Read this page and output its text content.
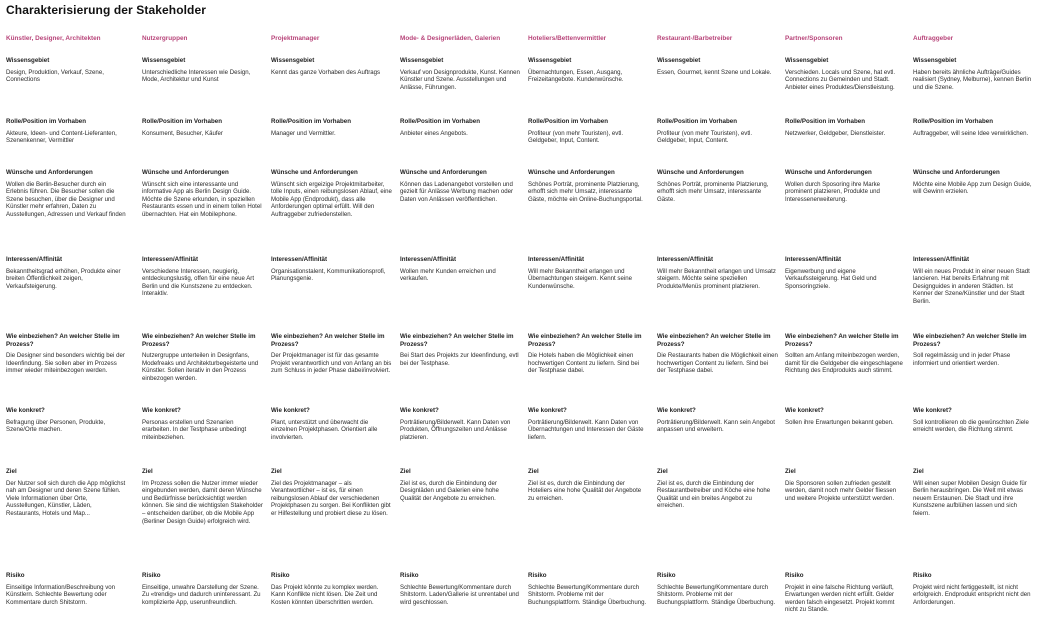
Charakterisierung der Stakeholder
Künstler, Designer, Architekten
Wissensgebiet
Design, Produktion, Verkauf, Szene, Connections
Rolle/Position im Vorhaben
Akteure, Ideen- und Content-Lieferanten, Szenenkenner, Vermittler
Wünsche und Anforderungen
Wollen die Berlin-Besucher durch ein Erlebnis führen. Die Besucher sollen die Szene besuchen, über die Designer und Künstler mehr erfahren, Daten zu Ausstellungen, Adressen und Verkauf finden
Interessen/Affinität
Bekanntheitsgrad erhöhen, Produkte einer breiten Öffentlichkeit zeigen, Verkaufsteigerung.
Wie einbeziehen? An welcher Stelle im Prozess?
Die Designer sind besonders wichtig bei der Ideenfindung. Sie sollen aber im Prozess immer wieder miteinbezogen werden.
Wie konkret?
Befragung über Personen, Produkte, Szene/Orte machen.
Ziel
Der Nutzer soll sich durch die App möglichst nah am Designer und deren Szene fühlen. Viele Informationen über Orte, Ausstellungen, Künstler, Läden, Restaurants, Hotels und Map...
Risiko
Einseitige Information/Beschreibung von Künstlern. Schlechte Bewertung oder Kommentare durch Shitstorm.
Nutzergruppen
Wissensgebiet
Unterschiedliche Interessen wie Design, Mode, Architektur und Kunst
Rolle/Position im Vorhaben
Konsument, Besucher, Käufer
Wünsche und Anforderungen
Wünscht sich eine interessante und informative App als Berlin Design Guide. Möchte die Szene erkunden, in speziellen Restaurants essen und in einem tollen Hotel übernachten. Hat ein Mobilephone.
Interessen/Affinität
Verschiedene Interessen, neugierig, entdeckungslustig, offen für eine neue Art Berlin und die Kunstszene zu entdecken. Interaktiv.
Wie einbeziehen? An welcher Stelle im Prozess?
Nutzergruppe unterteilen in Designfans, Modefreaks und Architekturbegeisterte und Künstler. Sollen iterativ in den Prozess einbezogen werden.
Wie konkret?
Personas erstellen und Szenarien erarbeiten. In der Testphase unbedingt miteinbeziehen.
Ziel
Im Prozess sollen die Nutzer immer wieder eingebunden werden, damit deren Wünsche und Bedürfnisse berücksichtigt werden können. Sie sind die wichtigsten Stakeholder – entscheiden darüber, ob die Mobile App (Berliner Design Guide) erfolgreich wird.
Risiko
Einseitige, unwahre Darstellung der Szene. Zu «trendig» und dadurch uninteressant. Zu komplizierte App, userunfreundlich.
Projektmanager
Wissensgebiet
Kennt das ganze Vorhaben des Auftrags
Rolle/Position im Vorhaben
Manager und Vermittler.
Wünsche und Anforderungen
Wünscht sich ergeizige Projektmitarbeiter, tolle Inputs, einen reibungslosen Ablauf, eine Mobile App (Endprodukt), dass alle Anforderungen optimal erfüllt. Will den Auftraggeber zufriedenstellen.
Interessen/Affinität
Organisationstalent, Kommunikationsprofi, Planungsgenie.
Wie einbeziehen? An welcher Stelle im Prozess?
Der Projektmanager ist für das gesamte Projekt verantwortlich und von Anfang an bis zum Schluss in jeder Phase dabei/involviert.
Wie konkret?
Plant, unterstützt und überwacht die einzelnen Projektphasen. Orientiert alle involvierten.
Ziel
Ziel des Projektmanager – als Verantwortlicher – ist es, für einen reibungslosen Ablauf der verschiedenen Projektphasen zu sorgen. Bei Konflikten gibt er Hilfestellung und probiert diese zu lösen.
Risiko
Das Projekt könnte zu komplex werden. Kann Konflikte nicht lösen. Die Zeit und Kosten könnten überschritten werden.
Mode- & Designerläden, Galerien
Wissensgebiet
Verkauf von Designprodukte, Kunst. Kennen Künstler und Szene. Ausstellungen und Anlässe, Führungen.
Rolle/Position im Vorhaben
Anbieter eines Angebots.
Wünsche und Anforderungen
Können das Ladenangebot vorstellen und gezielt für Anlässe Werbung machen oder Daten von Anlässen veröffentlichen.
Interessen/Affinität
Wollen mehr Kunden erreichen und verkaufen.
Wie einbeziehen? An welcher Stelle im Prozess?
Bei Start des Projekts zur Ideenfindung, evtl bei der Testphase.
Wie konkret?
Porträtierung/Bilderwelt. Kann Daten von Produkten, Öffnungszeiten und Anlässe platzieren.
Ziel
Ziel ist es, durch die Einbindung der Designläden und Galerien eine hohe Qualität der Angebote zu erreichen.
Risiko
Schlechte Bewertung/Kommentare durch Shitstorm. Laden/Gallerie ist unrentabel und wird geschlossen.
Hoteliers/Bettenvermittler
Wissensgebiet
Übernachtungen, Essen, Ausgang, Freizeitangebote. Kundenwünsche.
Rolle/Position im Vorhaben
Profiteur (von mehr Touristen), evtl. Geldgeber, Input, Content.
Wünsche und Anforderungen
Schönes Porträt, prominente Platzierung, erhofft sich mehr Umsatz, interessante Gäste, möchte ein Online-Buchungsportal.
Interessen/Affinität
Will mehr Bekanntheit erlangen und Übernachtungen steigern. Kennt seine Kundenwünsche.
Wie einbeziehen? An welcher Stelle im Prozess?
Die Hotels haben die Möglichkeit einen hochwertigen Content zu liefern. Sind bei der Testphase dabei.
Wie konkret?
Porträtierung/Bilderwelt. Kann Daten von Übernachtungen und Interessen der Gäste liefern.
Ziel
Ziel ist es, durch die Einbindung der Hoteliers eine hohe Qualität der Angebote zu erreichen.
Risiko
Schlechte Bewertung/Kommentare durch Shitstorm. Probleme mit der Buchungsplattform. Ständige Überbuchung.
Restaurant-/Barbetreiber
Wissensgebiet
Essen, Gourmet, kennt Szene und Lokale.
Rolle/Position im Vorhaben
Profiteur (von mehr Touristen), evtl. Geldgeber, Input, Content.
Wünsche und Anforderungen
Schönes Porträt, prominente Platzierung, erhofft sich mehr Umsatz, interessante Gäste.
Interessen/Affinität
Will mehr Bekanntheit erlangen und Umsatz steigern. Möchte seine speziellen Produkte/Menüs prominent platzieren.
Wie einbeziehen? An welcher Stelle im Prozess?
Die Restaurants haben die Möglichkeit einen hochwertigen Content zu liefern. Sind bei der Testphase dabei.
Wie konkret?
Porträtierung/Bilderwelt. Kann sein Angebot anpassen und erweitern.
Ziel
Ziel ist es, durch die Einbindung der Restaurantbetreiber und Köche eine hohe Qualität und ein breites Angebot zu erreichen.
Risiko
Schlechte Bewertung/Kommentare durch Shitstorm. Probleme mit der Buchungsplattform. Ständige Überbuchung.
Partner/Sponsoren
Wissensgebiet
Verschieden. Locals und Szene, hat evtl. Connections zu Gemeinden und Stadt. Anbieter eines Produktes/Dienstleistung.
Rolle/Position im Vorhaben
Netzwerker, Geldgeber, Dienstleister.
Wünsche und Anforderungen
Wollen durch Sposoring ihre Marke prominent platzieren, Produkte und Interessenerweiterung.
Interessen/Affinität
Eigenwerbung und eigene Verkaufssteigerung. Hat Geld und Sponsoringziele.
Wie einbeziehen? An welcher Stelle im Prozess?
Sollten am Anfang miteinbezogen werden, damit für die Geldgeber die eingeschlagene Richtung des Endprodukts auch stimmt.
Wie konkret?
Sollen ihre Erwartungen bekannt geben.
Ziel
Die Sponsoren sollen zufrieden gestellt werden, damit noch mehr Gelder fliessen und weitere Projekte unterstützt werden.
Risiko
Projekt in eine falsche Richtung verläuft, Erwartungen werden nicht erfüllt. Gelder werden falsch eingesetzt. Projekt kommt nicht zu Stande.
Auftraggeber
Wissensgebiet
Haben bereits ähnliche Aufträge/Guides realisiert (Sydney, Melburne), kennen Berlin und die Szene.
Rolle/Position im Vorhaben
Auftraggeber, will seine Idee verwirklichen.
Wünsche und Anforderungen
Möchte eine Mobile App zum Design Guide, will Gewinn erzielen.
Interessen/Affinität
Will ein neues Produkt in einer neuen Stadt lancieren. Hat bereits Erfahrung mit Designguides in anderen Städten. Ist Kenner der Szene/Künstler und der Stadt Berlin.
Wie einbeziehen? An welcher Stelle im Prozess?
Soll regelmässig und in jeder Phase informiert und orientiert werden.
Wie konkret?
Soll kontrollieren ob die gewünschten Ziele erreicht werden, die Richtung stimmt.
Ziel
Will einen super Mobilen Design Guide für Berlin herausbringen. Die Welt mit etwas neuem Erstaunen. Die Stadt und ihre Kunstszene aufblühen lassen und sich feiern.
Risiko
Projekt wird nicht fertiggestellt, ist nicht erfolgreich. Endprodukt entspricht nicht den Anforderungen.
